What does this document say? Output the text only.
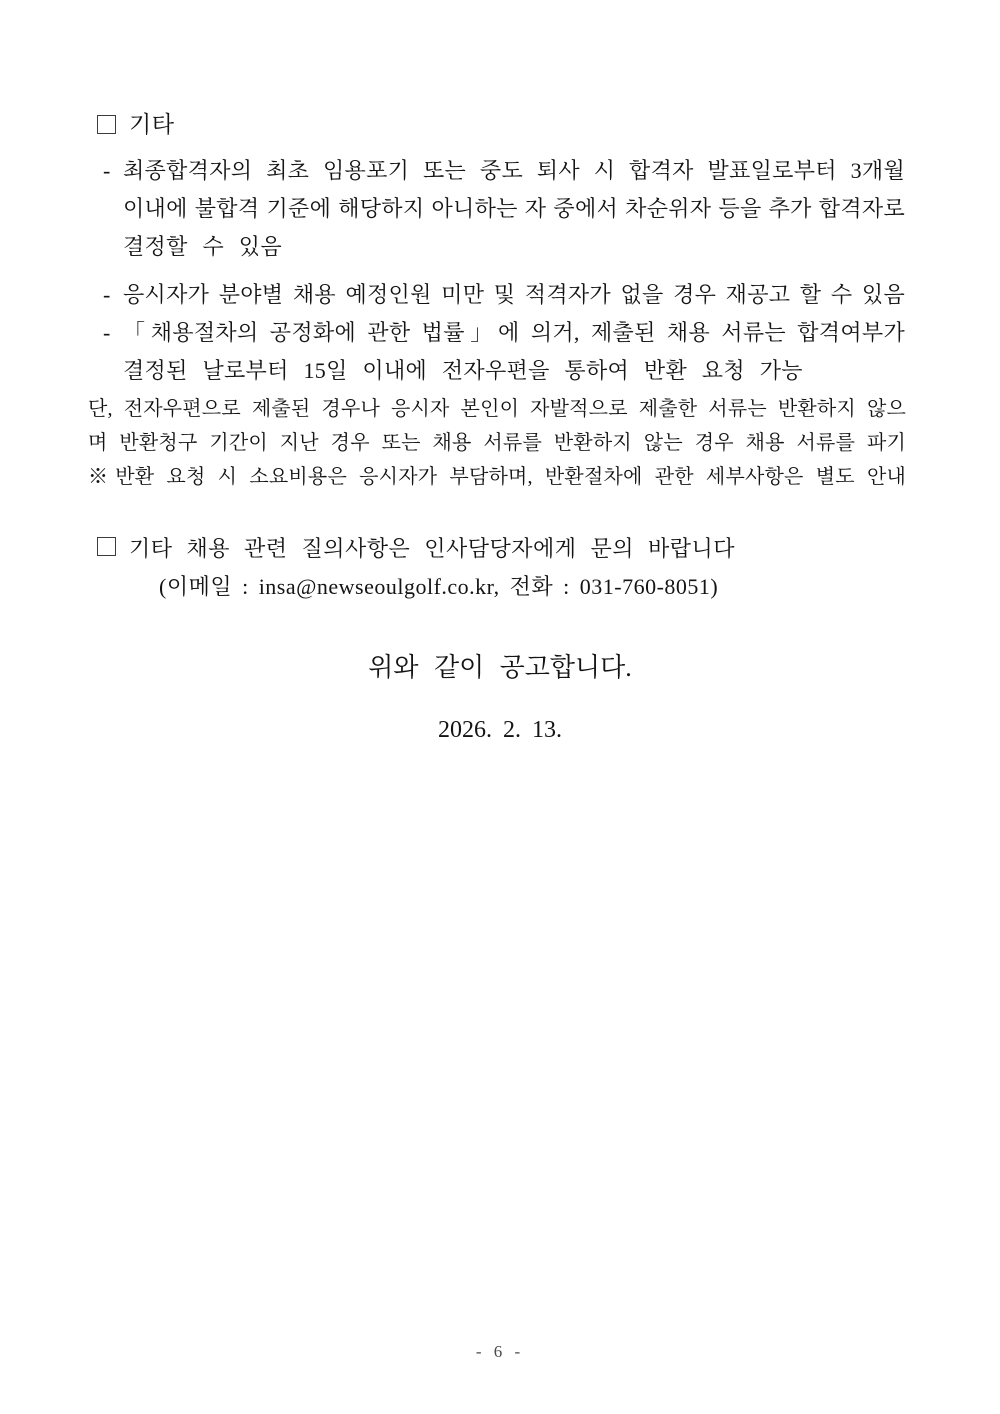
기타
- 최종합격자의 최초 임용포기 또는 중도 퇴사 시 합격자 발표일로부터 3개월
이내에 불합격 기준에 해당하지 아니하는 자 중에서 차순위자 등을 추가 합격자로
결정할 수 있음
- 응시자가 분야별 채용 예정인원 미만 및 적격자가 없을 경우 재공고 할 수 있음
- 「채용절차의 공정화에 관한 법률」에 의거, 제출된 채용 서류는 합격여부가
결정된 날로부터 15일 이내에 전자우편을 통하여 반환 요청 가능
단, 전자우편으로 제출된 경우나 응시자 본인이 자발적으로 제출한 서류는 반환하지 않으
며 반환청구 기간이 지난 경우 또는 채용 서류를 반환하지 않는 경우 채용 서류를 파기
※반환 요청 시 소요비용은 응시자가 부담하며, 반환절차에 관한 세부사항은 별도 안내
기타 채용 관련 질의사항은 인사담당자에게 문의 바랍니다
(이메일 : insa@newseoulgolf.co.kr, 전화 : 031-760-8051)
위와 같이 공고합니다.
2026. 2. 13.
- 6 -
